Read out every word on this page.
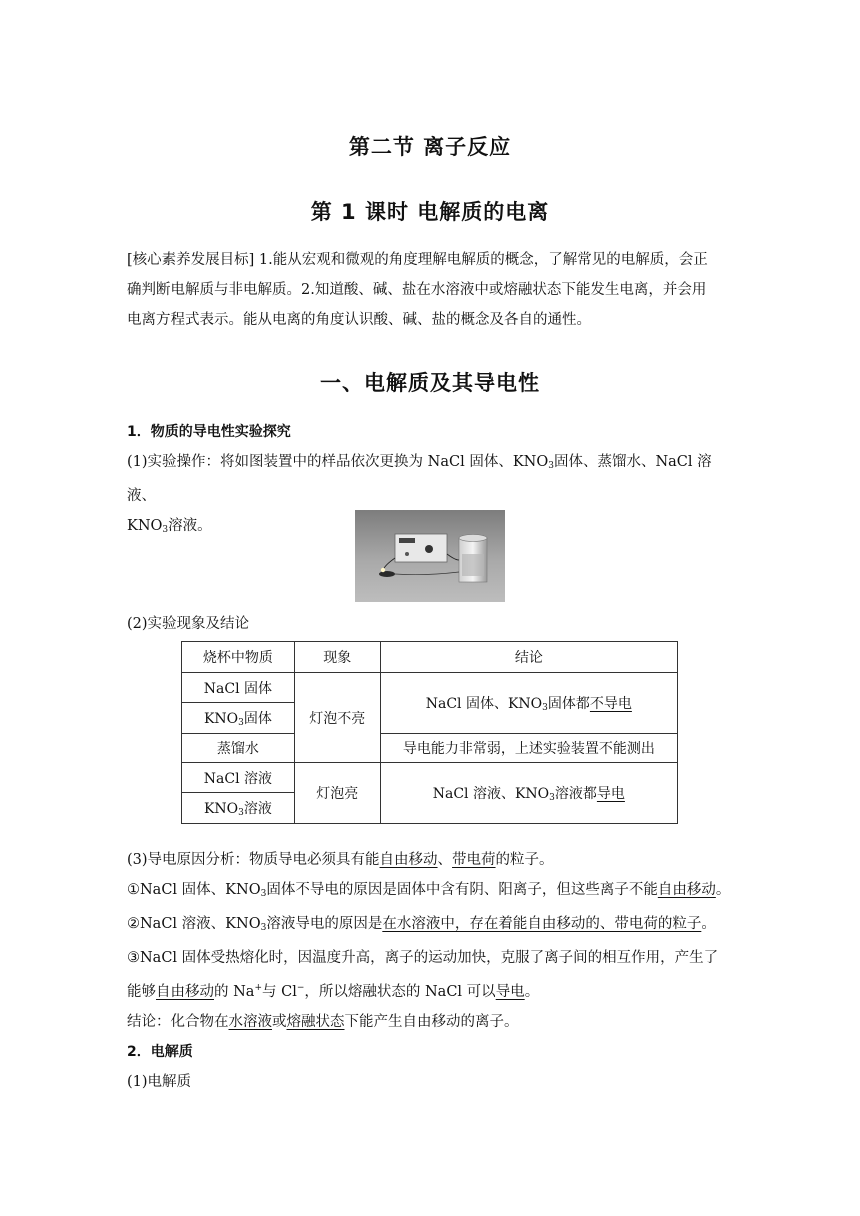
第二节 离子反应
第 1 课时 电解质的电离
[核心素养发展目标] 1.能从宏观和微观的角度理解电解质的概念，了解常见的电解质，会正
确判断电解质与非电解质。2.知道酸、碱、盐在水溶液中或熔融状态下能发生电离，并会用
电离方程式表示。能从电离的角度认识酸、碱、盐的概念及各自的通性。
一、电解质及其导电性
1．物质的导电性实验探究
(1)实验操作：将如图装置中的样品依次更换为 NaCl 固体、$KNO_3$固体、蒸馏水、NaCl 溶液、
$KNO_3$溶液。
(2)实验现象及结论
烧杯中物质	现象	结论
NaCl 固体	灯泡不亮	NaCl 固体、$KNO_3$固体都不导电
$KNO_3$固体		
蒸馏水		导电能力非常弱，上述实验装置不能测出
NaCl 溶液	灯泡亮	NaCl 溶液、$KNO_3$溶液都导电
$KNO_3$溶液		
(3)导电原因分析：物质导电必须具有能自由移动、带电荷的粒子。
①NaCl 固体、$KNO_3$固体不导电的原因是固体中含有阴、阳离子，但这些离子不能自由移动。
②NaCl 溶液、$KNO_3$溶液导电的原因是在水溶液中，存在着能自由移动的、带电荷的粒子。
③NaCl 固体受热熔化时，因温度升高，离子的运动加快，克服了离子间的相互作用，产生了
能够自由移动的 Na+与 Cl−，所以熔融状态的 NaCl 可以导电。
结论：化合物在水溶液或熔融状态下能产生自由移动的离子。
2．电解质
(1)电解质
